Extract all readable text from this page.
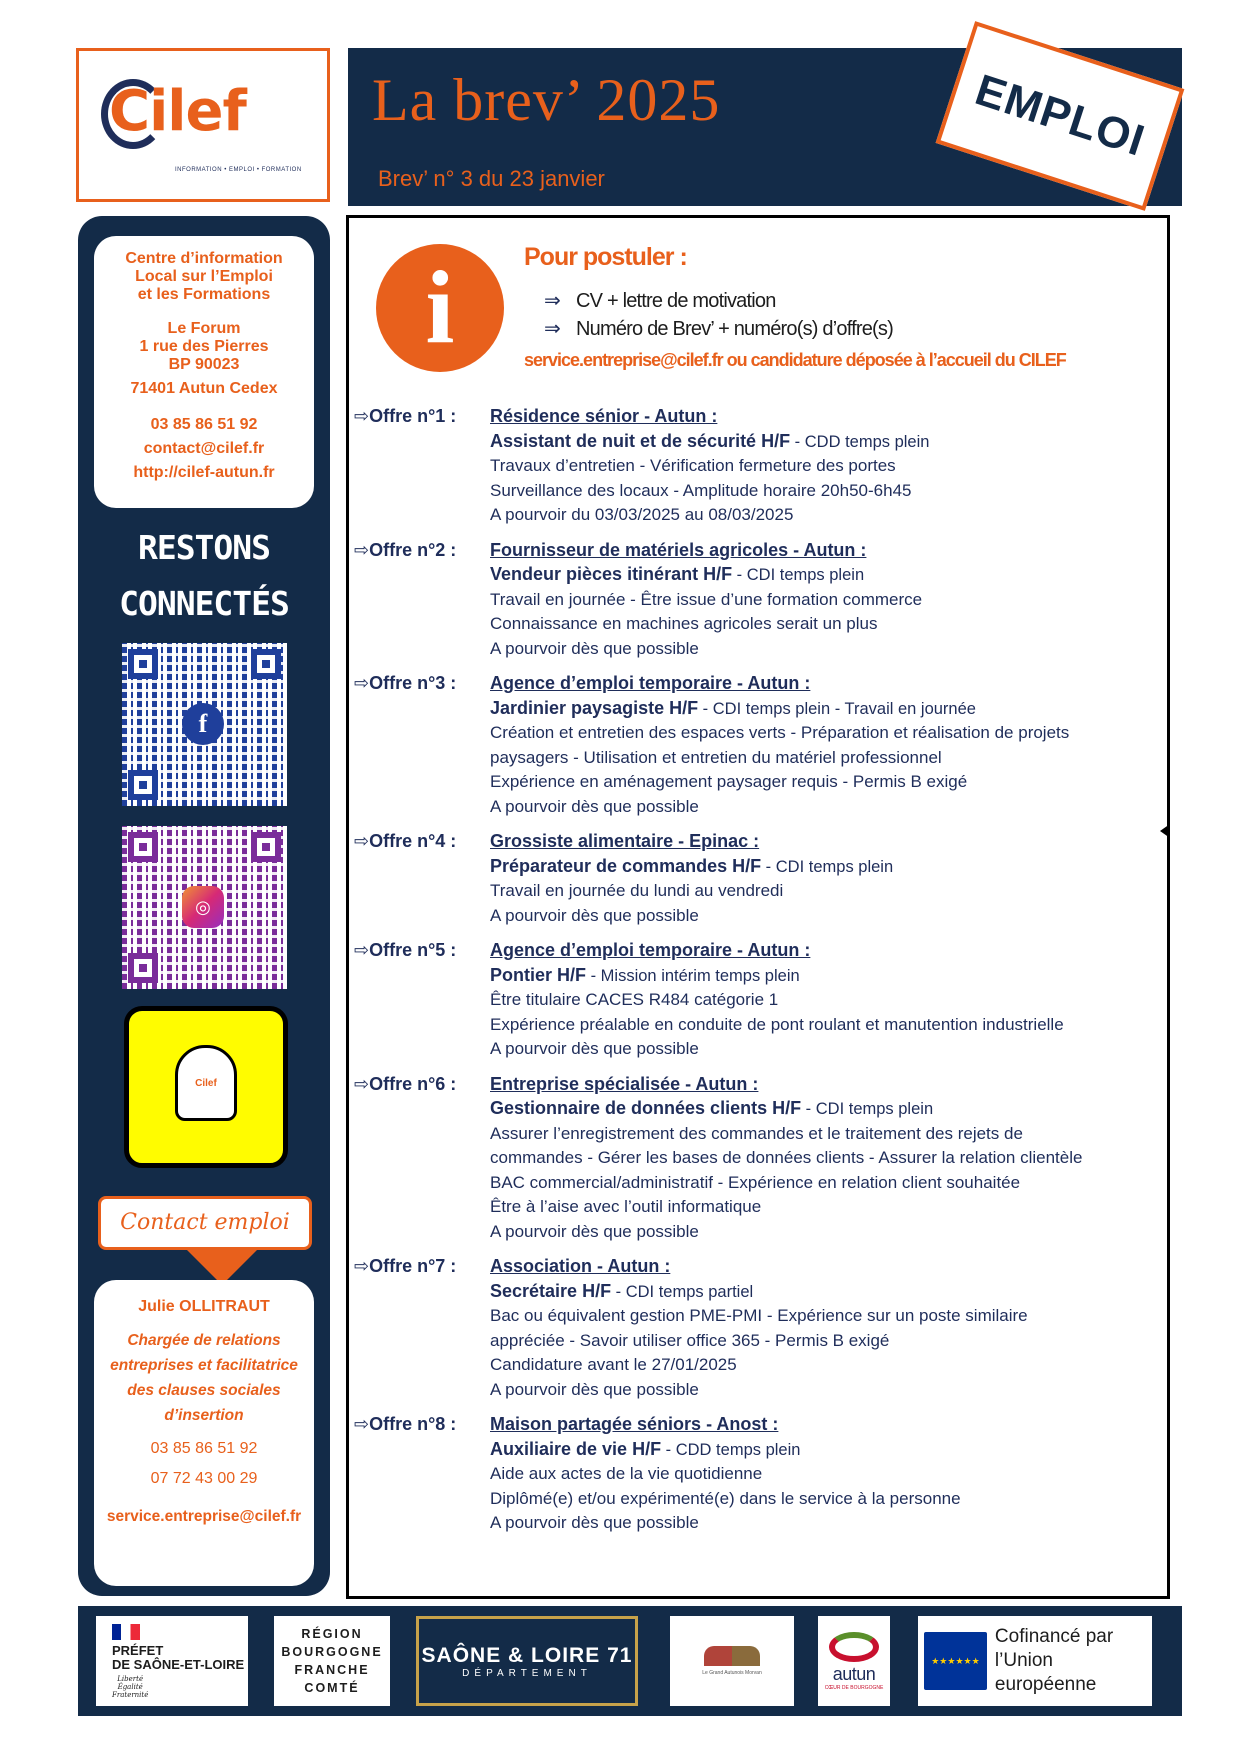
Cilef
INFORMATION • EMPLOI • FORMATION
La brev’ 2025
Brev’ n° 3 du 23 janvier
EMPLOI

Centre d’information

Local sur l’Emploi

et les Formations

Le Forum

1 rue des Pierres

BP 90023

71401 Autun Cedex

03 85 86 51 92

contact@cilef.fr

http://cilef-autun.fr

RESTONS
CONNECTÉS
f
◎
Cilef
Contact emploi
Julie OLLITRAUT
Chargée de relations
entreprises et facilitatrice
des clauses sociales
d’insertion
03 85 86 51 92
07 72 43 00 29
service.entreprise@cilef.fr
i	Pour postuler :
⇒ CV + lettre de motivation
⇒ Numéro de Brev’ + numéro(s) d’offre(s)
service.entreprise@cilef.fr ou candidature déposée à l’accueil du CILEF
⇨Offre n°1 :	Résidence sénior - Autun :
Assistant de nuit et de sécurité H/F - CDD temps plein
Travaux d’entretien - Vérification fermeture des portes
Surveillance des locaux - Amplitude horaire 20h50-6h45
A pourvoir du 03/03/2025 au 08/03/2025
⇨Offre n°2 :	Fournisseur de matériels agricoles - Autun :
Vendeur pièces itinérant H/F - CDI temps plein
Travail en journée - Être issue d’une formation commerce
Connaissance en machines agricoles serait un plus
A pourvoir dès que possible
⇨Offre n°3 :	Agence d’emploi temporaire - Autun :
Jardinier paysagiste H/F - CDI temps plein - Travail en journée
Création et entretien des espaces verts - Préparation et réalisation de projets
paysagers - Utilisation et entretien du matériel professionnel
Expérience en aménagement paysager requis - Permis B exigé
A pourvoir dès que possible
⇨Offre n°4 :	Grossiste alimentaire - Epinac :
Préparateur de commandes H/F - CDI temps plein
Travail en journée du lundi au vendredi
A pourvoir dès que possible
⇨Offre n°5 :	Agence d’emploi temporaire - Autun :
Pontier H/F - Mission intérim temps plein
Être titulaire CACES R484 catégorie 1
Expérience préalable en conduite de pont roulant et manutention industrielle
A pourvoir dès que possible
⇨Offre n°6 :	Entreprise spécialisée - Autun :
Gestionnaire de données clients H/F - CDI temps plein
Assurer l’enregistrement des commandes et le traitement des rejets de
commandes - Gérer les bases de données clients - Assurer la relation clientèle
BAC commercial/administratif - Expérience en relation client souhaitée
Être à l’aise avec l’outil informatique
A pourvoir dès que possible
⇨Offre n°7 :	Association - Autun :
Secrétaire H/F - CDI temps partiel
Bac ou équivalent gestion PME-PMI - Expérience sur un poste similaire
appréciée - Savoir utiliser office 365 - Permis B exigé
Candidature avant le 27/01/2025
A pourvoir dès que possible
⇨Offre n°8 :	Maison partagée séniors - Anost :
Auxiliaire de vie H/F - CDD temps plein
Aide aux actes de la vie quotidienne
Diplômé(e) et/ou expérimenté(e) dans le service à la personne
A pourvoir dès que possible
PRÉFET
DE SAÔNE-ET-LOIRE
Liberté
Égalité
Fraternité
RÉGION
BOURGOGNE
FRANCHE
COMTÉ
SAÔNE & LOIRE 71
DÉPARTEMENT	Le Grand Autunois Morvan	autun
CŒUR DE BOURGOGNE
★★★★★★
Cofinancé par
l’Union européenne
